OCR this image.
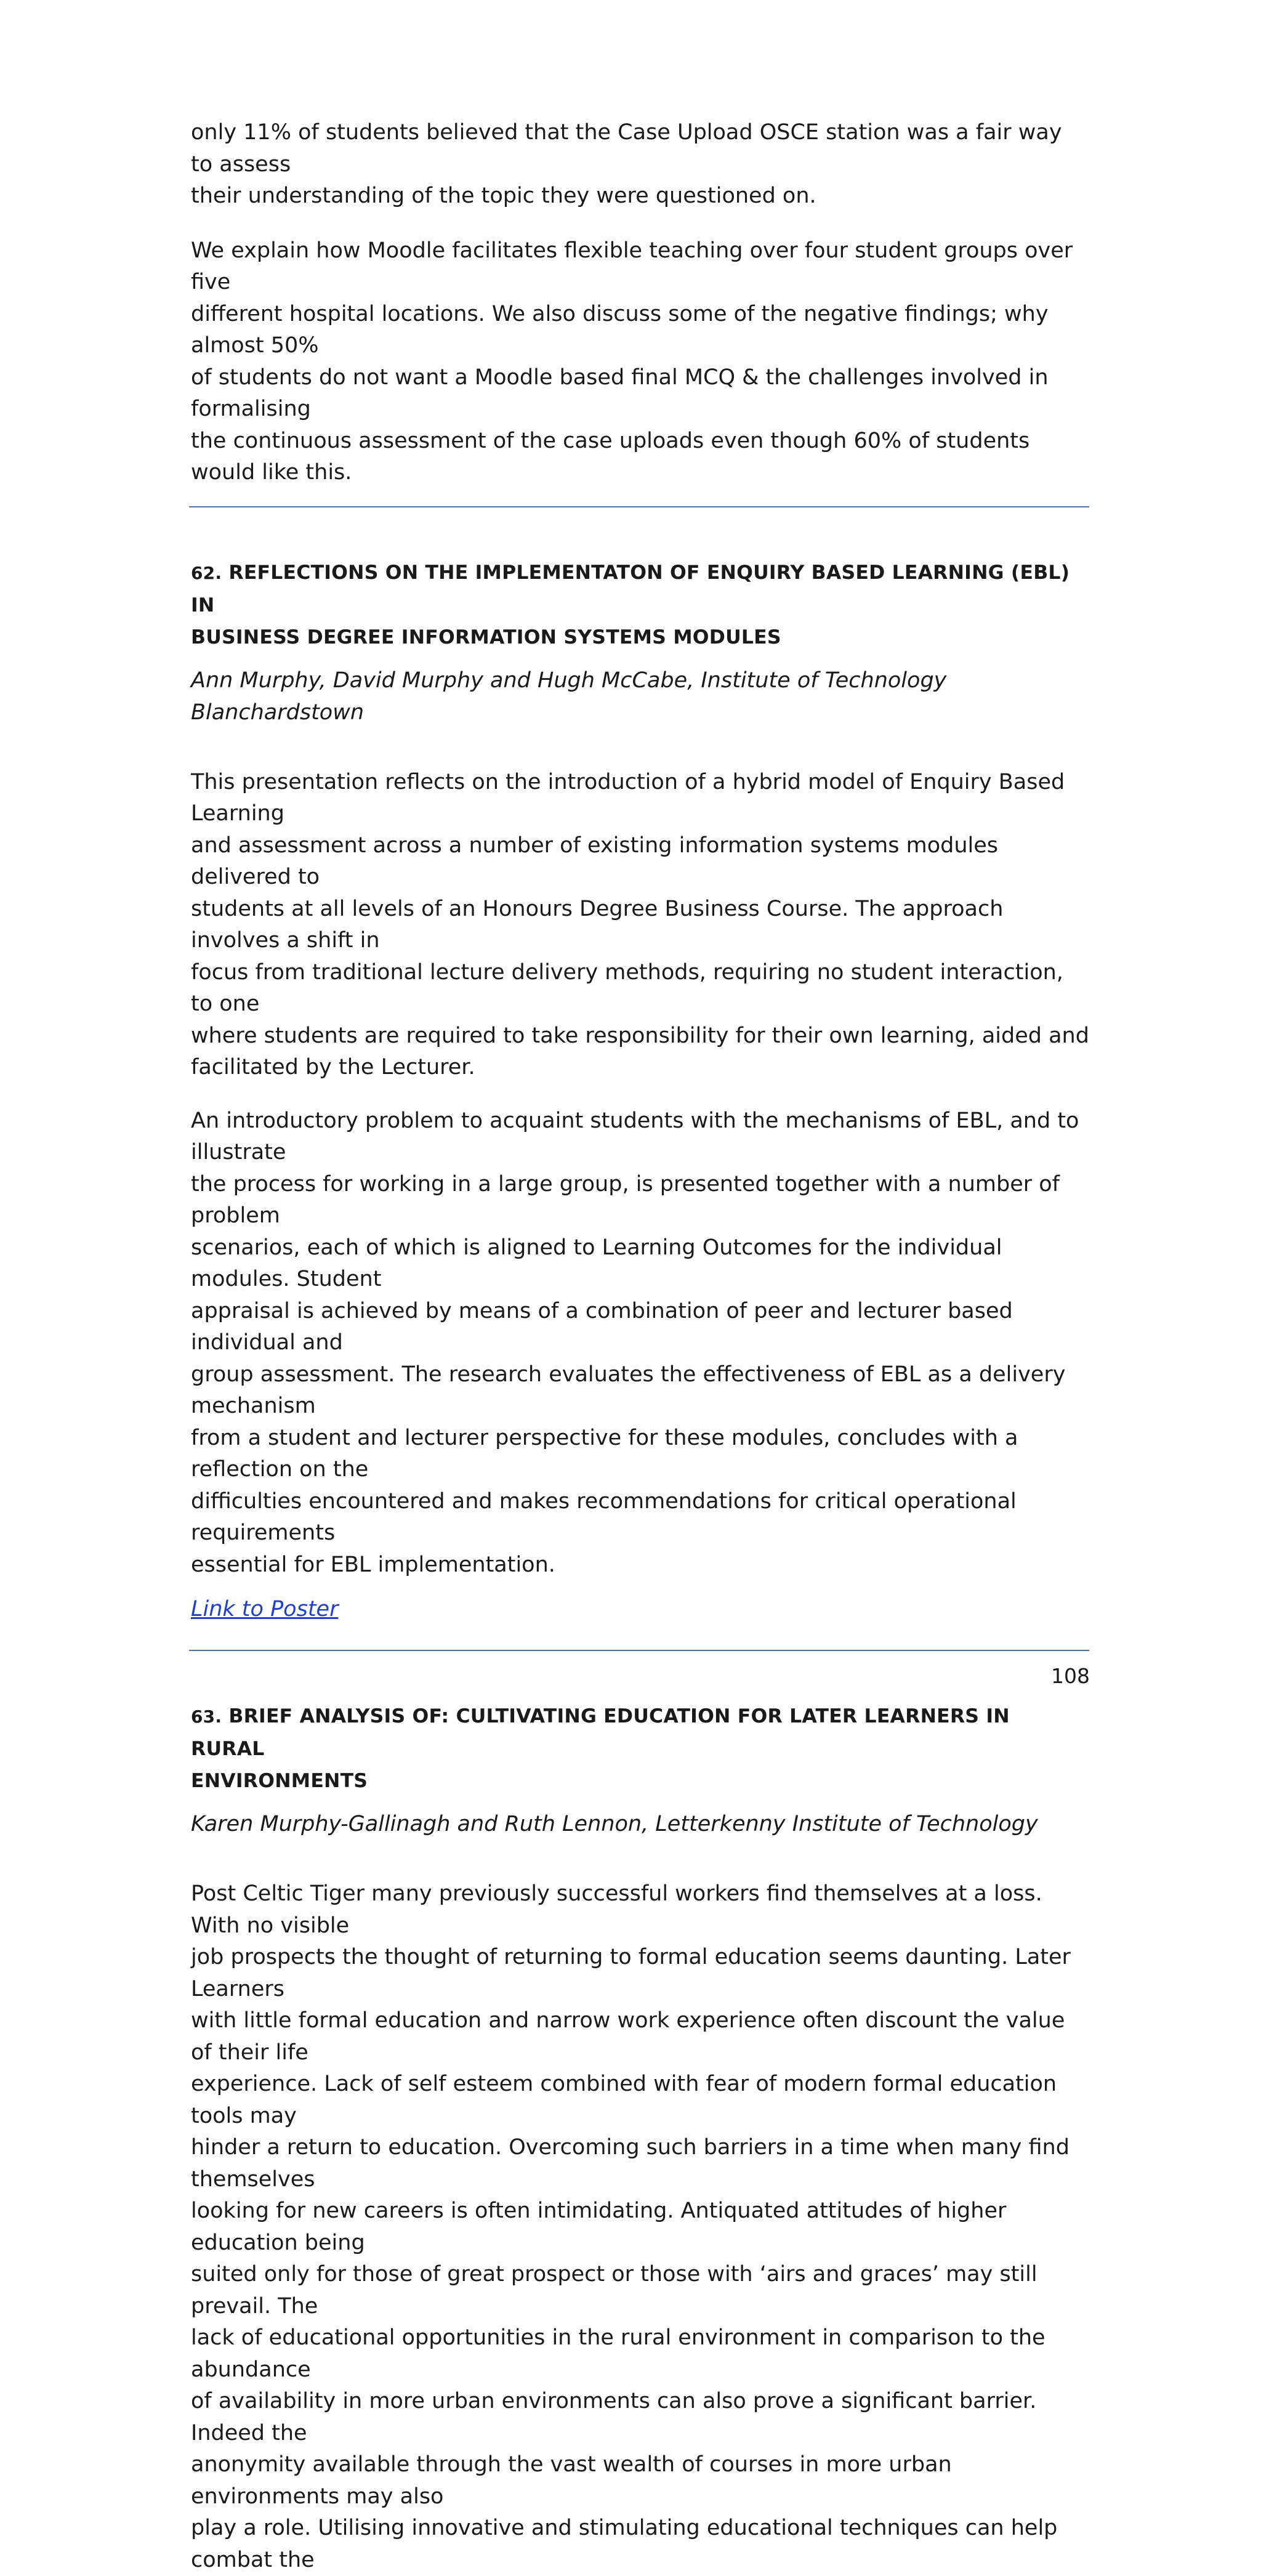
only 11% of students believed that the Case Upload OSCE station was a fair way to assess
their understanding of the topic they were questioned on.

We explain how Moodle facilitates flexible teaching over four student groups over five
different hospital locations. We also discuss some of the negative findings; why almost 50%
of students do not want a Moodle based final MCQ & the challenges involved in formalising
the continuous assessment of the case uploads even though 60% of students would like this.

62. REFLECTIONS ON THE IMPLEMENTATON OF ENQUIRY BASED LEARNING (EBL) IN
BUSINESS DEGREE INFORMATION SYSTEMS MODULES

Ann Murphy, David Murphy and Hugh McCabe, Institute of Technology Blanchardstown

This presentation reflects on the introduction of a hybrid model of Enquiry Based Learning
and assessment across a number of existing information systems modules delivered to
students at all levels of an Honours Degree Business Course. The approach involves a shift in
focus from traditional lecture delivery methods, requiring no student interaction, to one
where students are required to take responsibility for their own learning, aided and
facilitated by the Lecturer.

An introductory problem to acquaint students with the mechanisms of EBL, and to illustrate
the process for working in a large group, is presented together with a number of problem
scenarios, each of which is aligned to Learning Outcomes for the individual modules. Student
appraisal is achieved by means of a combination of peer and lecturer based individual and
group assessment. The research evaluates the effectiveness of EBL as a delivery mechanism
from a student and lecturer perspective for these modules, concludes with a reflection on the
difficulties encountered and makes recommendations for critical operational requirements
essential for EBL implementation.

Link to Poster
63. BRIEF ANALYSIS OF: CULTIVATING EDUCATION FOR LATER LEARNERS IN RURAL
ENVIRONMENTS

Karen Murphy-Gallinagh and Ruth Lennon, Letterkenny Institute of Technology

Post Celtic Tiger many previously successful workers find themselves at a loss. With no visible
job prospects the thought of returning to formal education seems daunting. Later Learners
with little formal education and narrow work experience often discount the value of their life
experience. Lack of self esteem combined with fear of modern formal education tools may
hinder a return to education. Overcoming such barriers in a time when many find themselves
looking for new careers is often intimidating. Antiquated attitudes of higher education being
suited only for those of great prospect or those with ‘airs and graces’ may still prevail. The
lack of educational opportunities in the rural environment in comparison to the abundance
of availability in more urban environments can also prove a significant barrier. Indeed the
anonymity available through the vast wealth of courses in more urban environments may also
play a role. Utilising innovative and stimulating educational techniques can help combat the

108
